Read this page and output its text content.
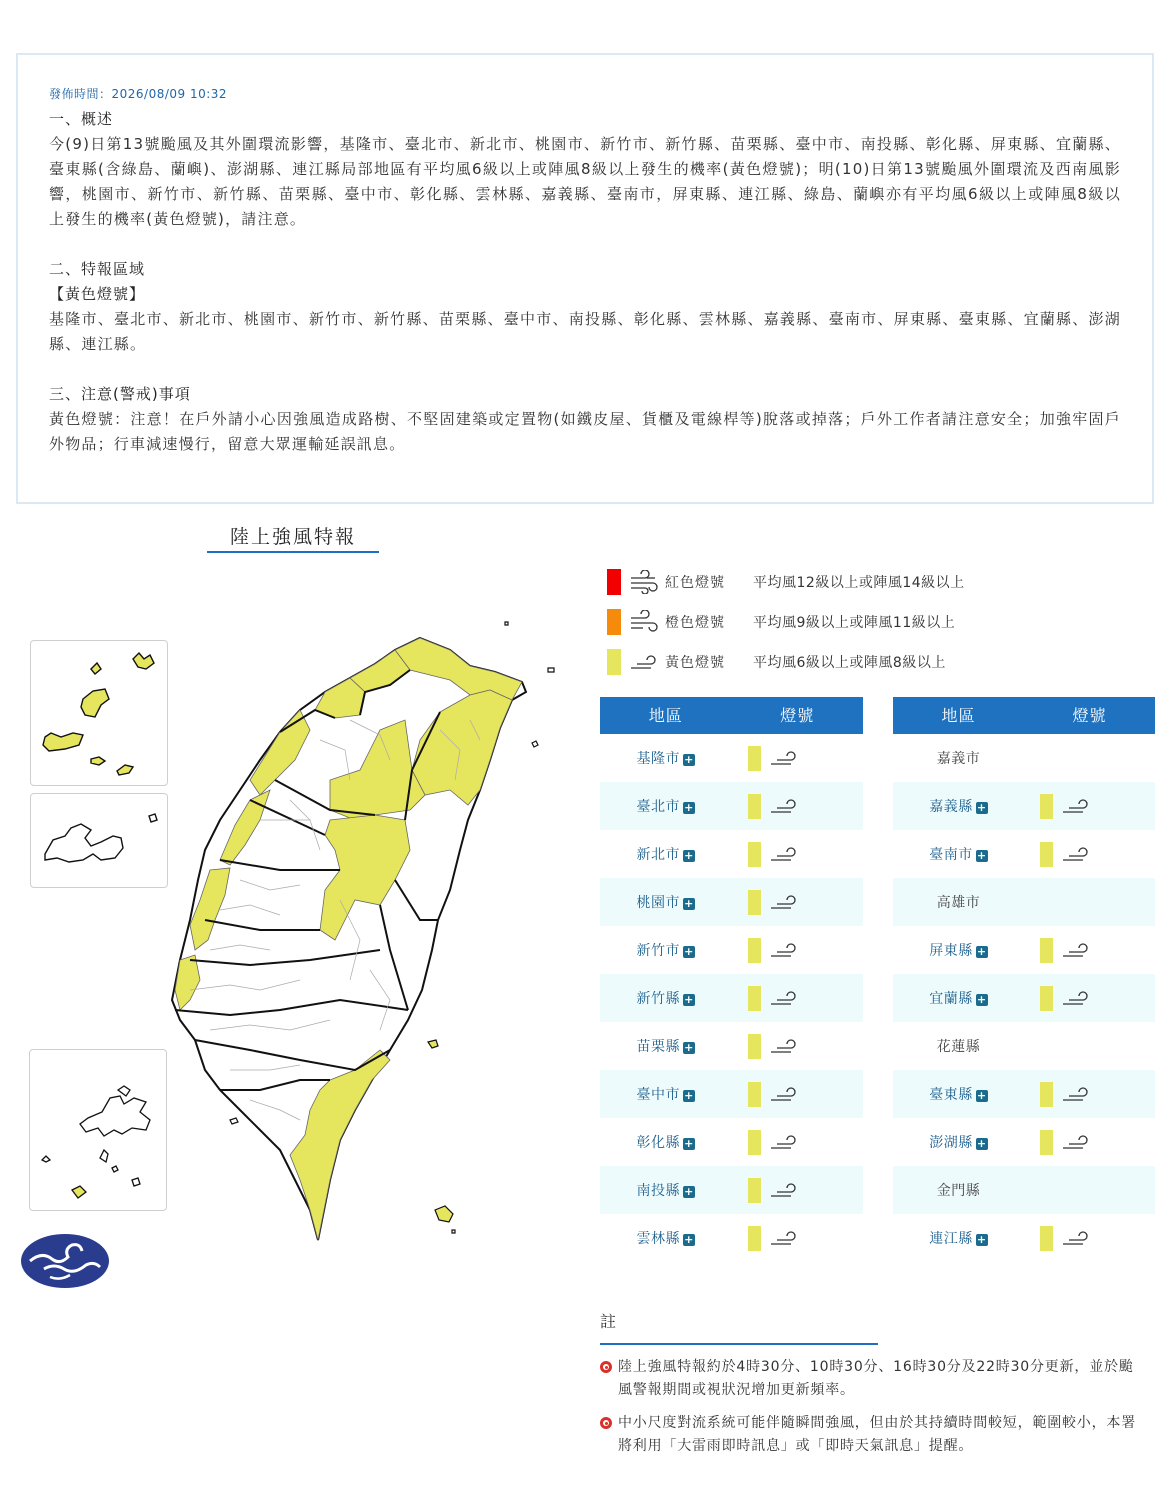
發佈時間：2026/08/09 10:32
一、概述
今(9)日第13號颱風及其外圍環流影響，基隆市、臺北市、新北市、桃園市、新竹市、新竹縣、苗栗縣、臺中市、南投縣、彰化縣、屏東縣、宜蘭縣、臺東縣(含綠島、蘭嶼)、澎湖縣、連江縣局部地區有平均風6級以上或陣風8級以上發生的機率(黃色燈號)；明(10)日第13號颱風外圍環流及西南風影響，桃園市、新竹市、新竹縣、苗栗縣、臺中市、彰化縣、雲林縣、嘉義縣、臺南市，屏東縣、連江縣、綠島、蘭嶼亦有平均風6級以上或陣風8級以上發生的機率(黃色燈號)，請注意。
二、特報區域
【黃色燈號】
基隆市、臺北市、新北市、桃園市、新竹市、新竹縣、苗栗縣、臺中市、南投縣、彰化縣、雲林縣、嘉義縣、臺南市、屏東縣、臺東縣、宜蘭縣、澎湖縣、連江縣。
三、注意(警戒)事項
黃色燈號：注意！在戶外請小心因強風造成路樹、不堅固建築或定置物(如鐵皮屋、貨櫃及電線桿等)脫落或掉落；戶外工作者請注意安全；加強牢固戶外物品；行車減速慢行，留意大眾運輸延誤訊息。
陸上強風特報
紅色燈號	平均風12級以上或陣風14級以上
橙色燈號	平均風9級以上或陣風11級以上
黃色燈號	平均風6級以上或陣風8級以上
地區	燈號
基隆市 +
臺北市 +
新北市 +
桃園市 +
新竹市 +
新竹縣 +
苗栗縣 +
臺中市 +
彰化縣 +
南投縣 +
雲林縣 +
地區	燈號
嘉義市
嘉義縣 +
臺南市 +
高雄市
屏東縣 +
宜蘭縣 +
花蓮縣
臺東縣 +
澎湖縣 +
金門縣
連江縣 +
註
陸上強風特報約於4時30分、10時30分、16時30分及22時30分更新，並於颱風警報期間或視狀況增加更新頻率。
中小尺度對流系統可能伴隨瞬間強風，但由於其持續時間較短，範圍較小，本署將利用「大雷雨即時訊息」或「即時天氣訊息」提醒。
